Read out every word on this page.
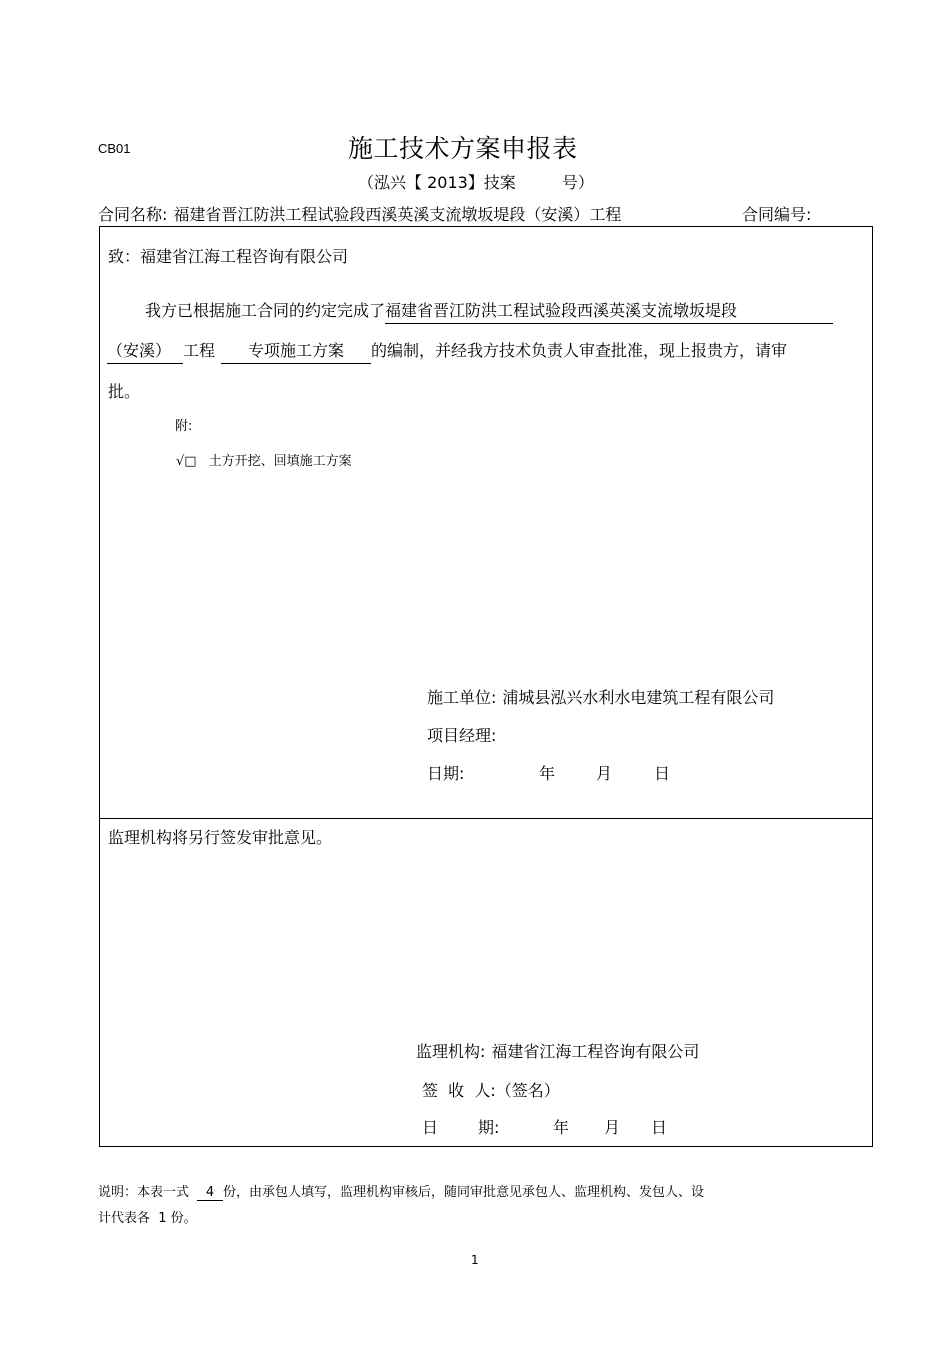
CB01	施工技术方案申报表
（泓兴【 2013】技案	号）
合同名称: 福建省晋江防洪工程试验段西溪英溪支流墩坂堤段（安溪）工程	合同编号:
致：福建省江海工程咨询有限公司
我方已根据施工合同的约定完成了福建省晋江防洪工程试验段西溪英溪支流墩坂堤段
（安溪） 工程 专项施工方案 的编制，并经我方技术负责人审查批准，现上报贵方，请审
批。
附:
√□ 土方开挖、回填施工方案
施工单位: 浦城县泓兴水利水电建筑工程有限公司
项目经理:
日期:	年	月	日
监理机构将另行签发审批意见。
监理机构: 福建省江海工程咨询有限公司
签  收  人:（签名）
日 期:	年 月 日
说明：本表一式 4 份，由承包人填写，监理机构审核后，随同审批意见承包人、监理机构、发包人、设
计代表各  1 份。
1
